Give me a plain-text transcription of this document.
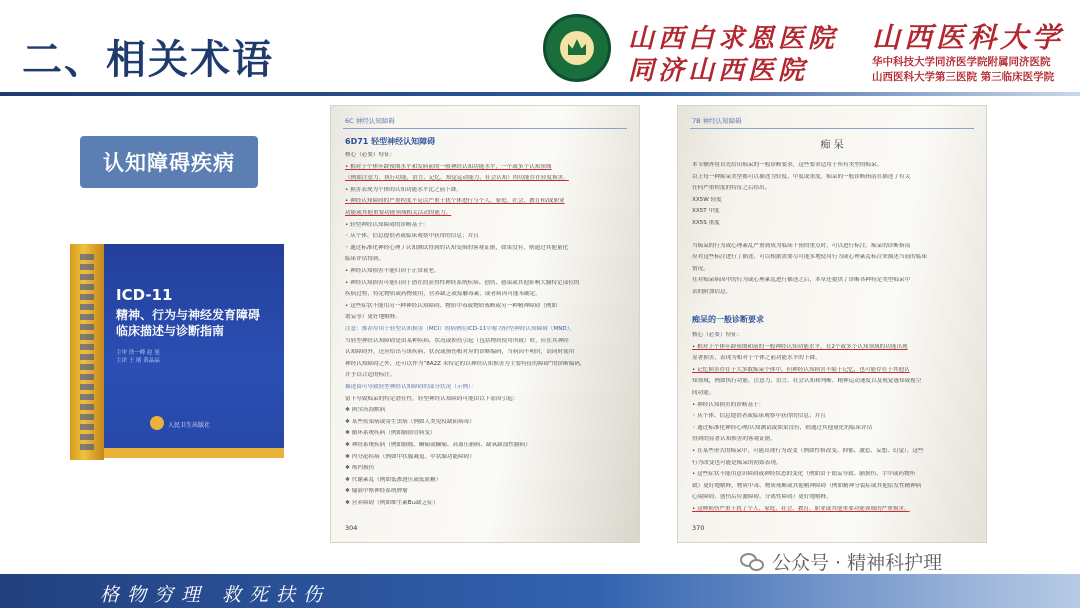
二、相关术语	山西白求恩医院
同济山西医院
山西医科大学
华中科技大学同济医学院附属同济医院
山西医科大学第三医院 第三临床医学院
认知障碍疾病
ICD-11
精神、行为与神经发育障碍
临床描述与诊断指南
主审 徐一峰 赵 旭
主译 王 刚 黄晶晶
人民卫生出版社
6C 神经认知障碍
6D71 轻型神经认知障碍
304
核心（必要）特征：
• 相对于个体年龄预期水平和发病前的一般神经认知功能水平，一个或多个认知领域
（例如注意力、执行功能、语言、记忆、知觉运动能力、社会认知）的功能存在轻度损害。
• 损害表现为个体的认知功能水平比之前下降。
• 神经认知障碍的严重程度不足以严重干扰个体进行与个人、家庭、社会、教育和/或职业
功能或其他重要功能领域相关活动的能力。
• 轻型神经认知障碍的诊断基于：
◦ 从个体、信息提供者或临床观察中获得的信息；并且
◦ 通过标准化神经心理 / 认知测试得到的认知受损的客观证据，如果没有，则通过其他量化
临床评估得到。
• 神经认知损害不能归因于正常衰老。
• 神经认知损害可能归因于潜在的获得性神经系统疾病、创伤、感染或其他影响大脑特定部位的
疾病过程，特定物质或药物使用，营养缺乏或接触毒素，或者病因可能未确定。
• 这些症状不能用另一种神经认知障碍、物质中毒或物质戒断或另一种精神障碍（例如
谵妄等）更好地解释。
注意：推荐应用于轻型认知损害（MCI）的病例在ICD-11中称为轻型神经认知障碍（MND）。
当轻型神经认知障碍是由某种疾病、状况或损伤引起（包括物质使用所致）时，应在其神经
认知障碍外，还应给出与该疾病、状况或损伤相对应的诊断编码，当病因不明时，请同时使用
神经认知障碍之外，还可以作为“8A2Z 未特定的以神经认知损害为主要特征的障碍”的诊断编码，
并予以合适的标注。
描述由可导致轻型神经认知障碍的部分状况（示例）：
留下导致痴呆的特定潜在性，轻型神经认知障碍可能由以下原因引起：
❖ 阿尔茨海默病
❖ 某些传染病或寄生虫病（例如人类免疫缺陷病毒）
❖ 循环系统疾病（例如脑血管病变）
❖ 神经系统疾病（例如脑瘤、癫痫或癫痫、高血压脑病、缺氧缺血性脑病）
❖ 内分泌疾病（例如甲状腺减退、甲状腺功能障碍）
❖ 颅内损伤
❖ 代谢紊乱（例如低渗透压或低血糖）
❖ 输液中枢神经系统肿瘤
❖ 营养障碍（例如维生素B₁₂缺乏症）
7B 神经认知障碍
痴 呆
痴呆的一般诊断要求
370
本节额外将首先给出痴呆的一般诊断要求，这些要求适用于所有类型的痴呆。
以上每一种痴呆类型都可以描述为轻度、中度或重度。痴呆的一般诊断指南在描述了有关
任何严重程度的特征之后给出。
XX5W 轻度
XX5T 中度
XX5S 重度
当痴呆的行为或心理紊乱严重到成为临床干预的重点时，可以进行标注。痴呆的诊断指南
应对这些标注进行了描述，可以根据需要尽可能多地使用行为或心理紊乱标注来描述当前的临床
情况。
在对痴呆病因中的行为或心理紊乱进行描述之后，本章还提供了诊断各种特定类型痴呆中
表的附加信息。
核心（必要）特征：
• 相对于个体年龄预期和前的一般神经认知功能水平，在2个或多个认知领域的功能出现
显著损害，表现为相对于个体之前功能水平的下降。
• 记忆损害存在于大多数痴呆个体中，但神经认知损害不限于记忆，也可能存在于其他认
知领域，例如执行功能、注意力、语言、社会认知和判断、精神运动速度以及视觉感知或视空
间功能。
• 神经认知损害的诊断基于：
◦ 从个体、信息提供者或临床观察中获得的信息；并且
◦ 通过标准化神经心理/认知测试或如果没有，则通过其他量化的临床评估
得到的显著认知损害的客观证据。
• 在某些形式的痴呆中，可能出现行为改变（例如性格改变、抑郁、激惹、妄想、幻觉），这些
行为改变也可能是痴呆的初始表现。
• 这些症状不能用意识障碍或神经状态的变化（例如由于谵妄导致、脑损伤、手中或药物所
致）更好地解释，物质中毒、物质戒断或其他精神障碍（例如精神分裂症或其他原发性精神病
心境障碍、创伤后应激障碍、分离性障碍）更好地解释。
• 这种损伤严重干扰了个人、家庭、社会、教育、职业或其他重要功能领域的严重损害。
公众号 · 精神科护理
格物穷理 救死扶伤
